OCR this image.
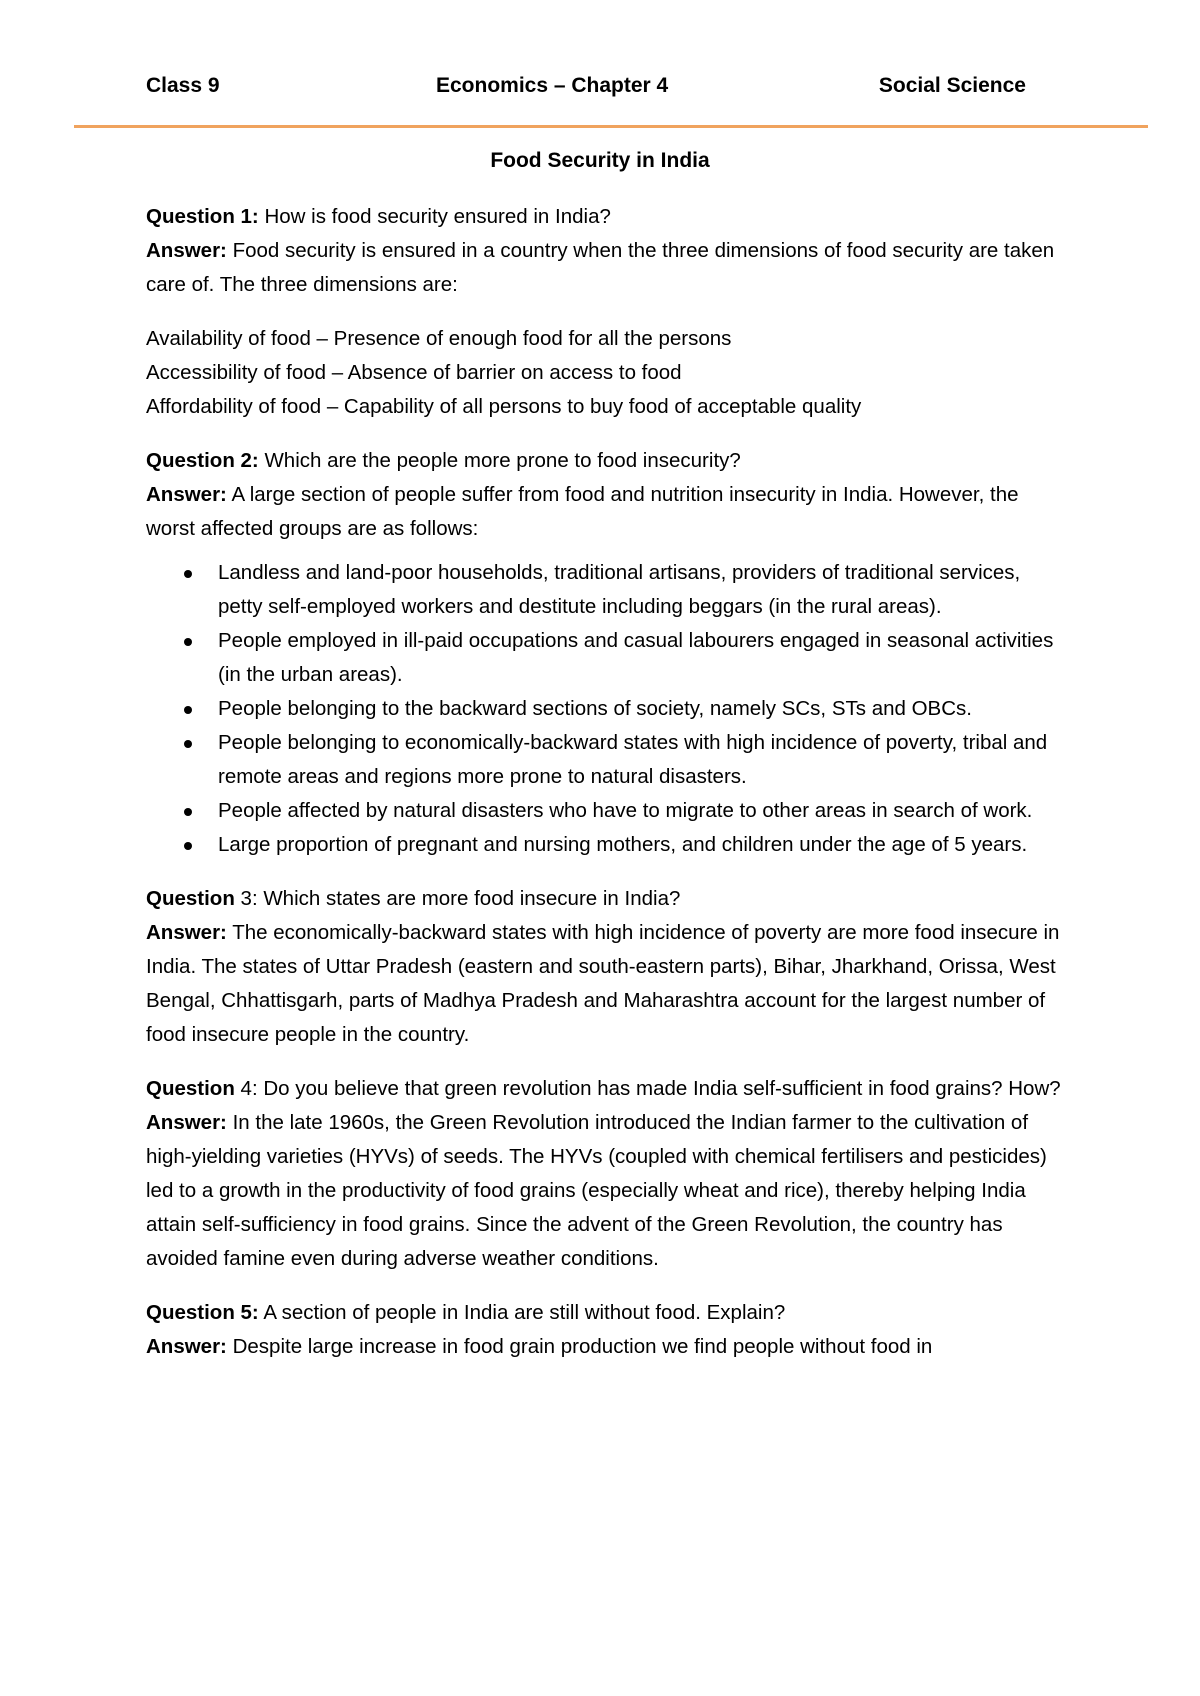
Class 9	Economics – Chapter 4	Social Science
Food Security in India

Question 1: How is food security ensured in India?

Answer: Food security is ensured in a country when the three dimensions of food security are taken care of. The three dimensions are:

Availability of food – Presence of enough food for all the persons

Accessibility of food – Absence of barrier on access to food

Affordability of food – Capability of all persons to buy food of acceptable quality

Question 2: Which are the people more prone to food insecurity?

Answer: A large section of people suffer from food and nutrition insecurity in India. However, the worst affected groups are as follows:

Landless and land-poor households, traditional artisans, providers of traditional services, petty self-employed workers and destitute including beggars (in the rural areas).
People employed in ill-paid occupations and casual labourers engaged in seasonal activities (in the urban areas).
People belonging to the backward sections of society, namely SCs, STs and OBCs.
People belonging to economically-backward states with high incidence of poverty, tribal and remote areas and regions more prone to natural disasters.
People affected by natural disasters who have to migrate to other areas in search of work.
Large proportion of pregnant and nursing mothers, and children under the age of 5 years.

Question 3: Which states are more food insecure in India?

Answer: The economically-backward states with high incidence of poverty are more food insecure in India. The states of Uttar Pradesh (eastern and south-eastern parts), Bihar, Jharkhand, Orissa, West Bengal, Chhattisgarh, parts of Madhya Pradesh and Maharashtra account for the largest number of food insecure people in the country.

Question 4: Do you believe that green revolution has made India self-sufficient in food grains? How?

Answer: In the late 1960s, the Green Revolution introduced the Indian farmer to the cultivation of high-yielding varieties (HYVs) of seeds. The HYVs (coupled with chemical fertilisers and pesticides) led to a growth in the productivity of food grains (especially wheat and rice), thereby helping India attain self-sufficiency in food grains. Since the advent of the Green Revolution, the country has avoided famine even during adverse weather conditions.

Question 5: A section of people in India are still without food. Explain?

Answer: Despite large increase in food grain production we find people without food in
